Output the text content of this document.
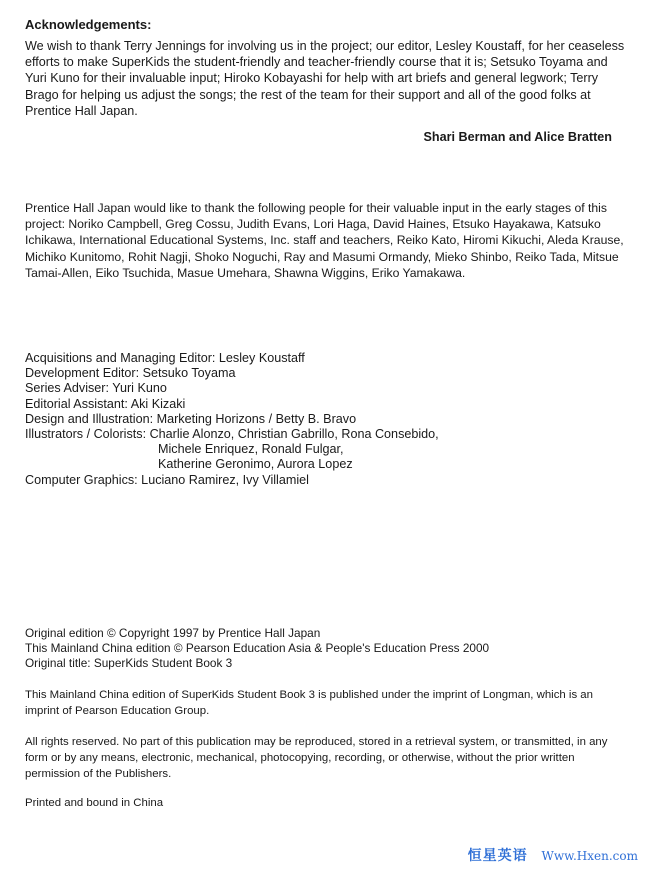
Acknowledgements:

We wish to thank Terry Jennings for involving us in the project; our editor, Lesley Koustaff, for her ceaseless efforts to make SuperKids the student-friendly and teacher-friendly course that it is; Setsuko Toyama and Yuri Kuno for their invaluable input; Hiroko Kobayashi for help with art briefs and general legwork; Terry Brago for helping us adjust the songs; the rest of the team for their support and all of the good folks at Prentice Hall Japan.

Shari Berman and Alice Bratten

Prentice Hall Japan would like to thank the following people for their valuable input in the early stages of this project: Noriko Campbell, Greg Cossu, Judith Evans, Lori Haga, David Haines, Etsuko Hayakawa, Katsuko Ichikawa, International Educational Systems, Inc. staff and teachers, Reiko Kato, Hiromi Kikuchi, Aleda Krause, Michiko Kunitomo, Rohit Nagji, Shoko Noguchi, Ray and Masumi Ormandy, Mieko Shinbo, Reiko Tada, Mitsue Tamai-Allen, Eiko Tsuchida, Masue Umehara, Shawna Wiggins, Eriko Yamakawa.

Acquisitions and Managing Editor: Lesley Koustaff
Development Editor: Setsuko Toyama
Series Adviser: Yuri Kuno
Editorial Assistant: Aki Kizaki
Design and Illustration: Marketing Horizons / Betty B. Bravo
Illustrators / Colorists: Charlie Alonzo, Christian Gabrillo, Rona Consebido,
Michele Enriquez, Ronald Fulgar,
Katherine Geronimo, Aurora Lopez
Computer Graphics: Luciano Ramirez, Ivy Villamiel
Original edition © Copyright 1997 by Prentice Hall Japan
This Mainland China edition © Pearson Education Asia & People's Education Press 2000
Original title: SuperKids Student Book 3

This Mainland China edition of SuperKids Student Book 3 is published under the imprint of Longman, which is an imprint of Pearson Education Group.

All rights reserved. No part of this publication may be reproduced, stored in a retrieval system, or transmitted, in any form or by any means, electronic, mechanical, photocopying, recording, or otherwise, without the prior written permission of the Publishers.

Printed and bound in China
恒星英语 Www.Hxen.com
